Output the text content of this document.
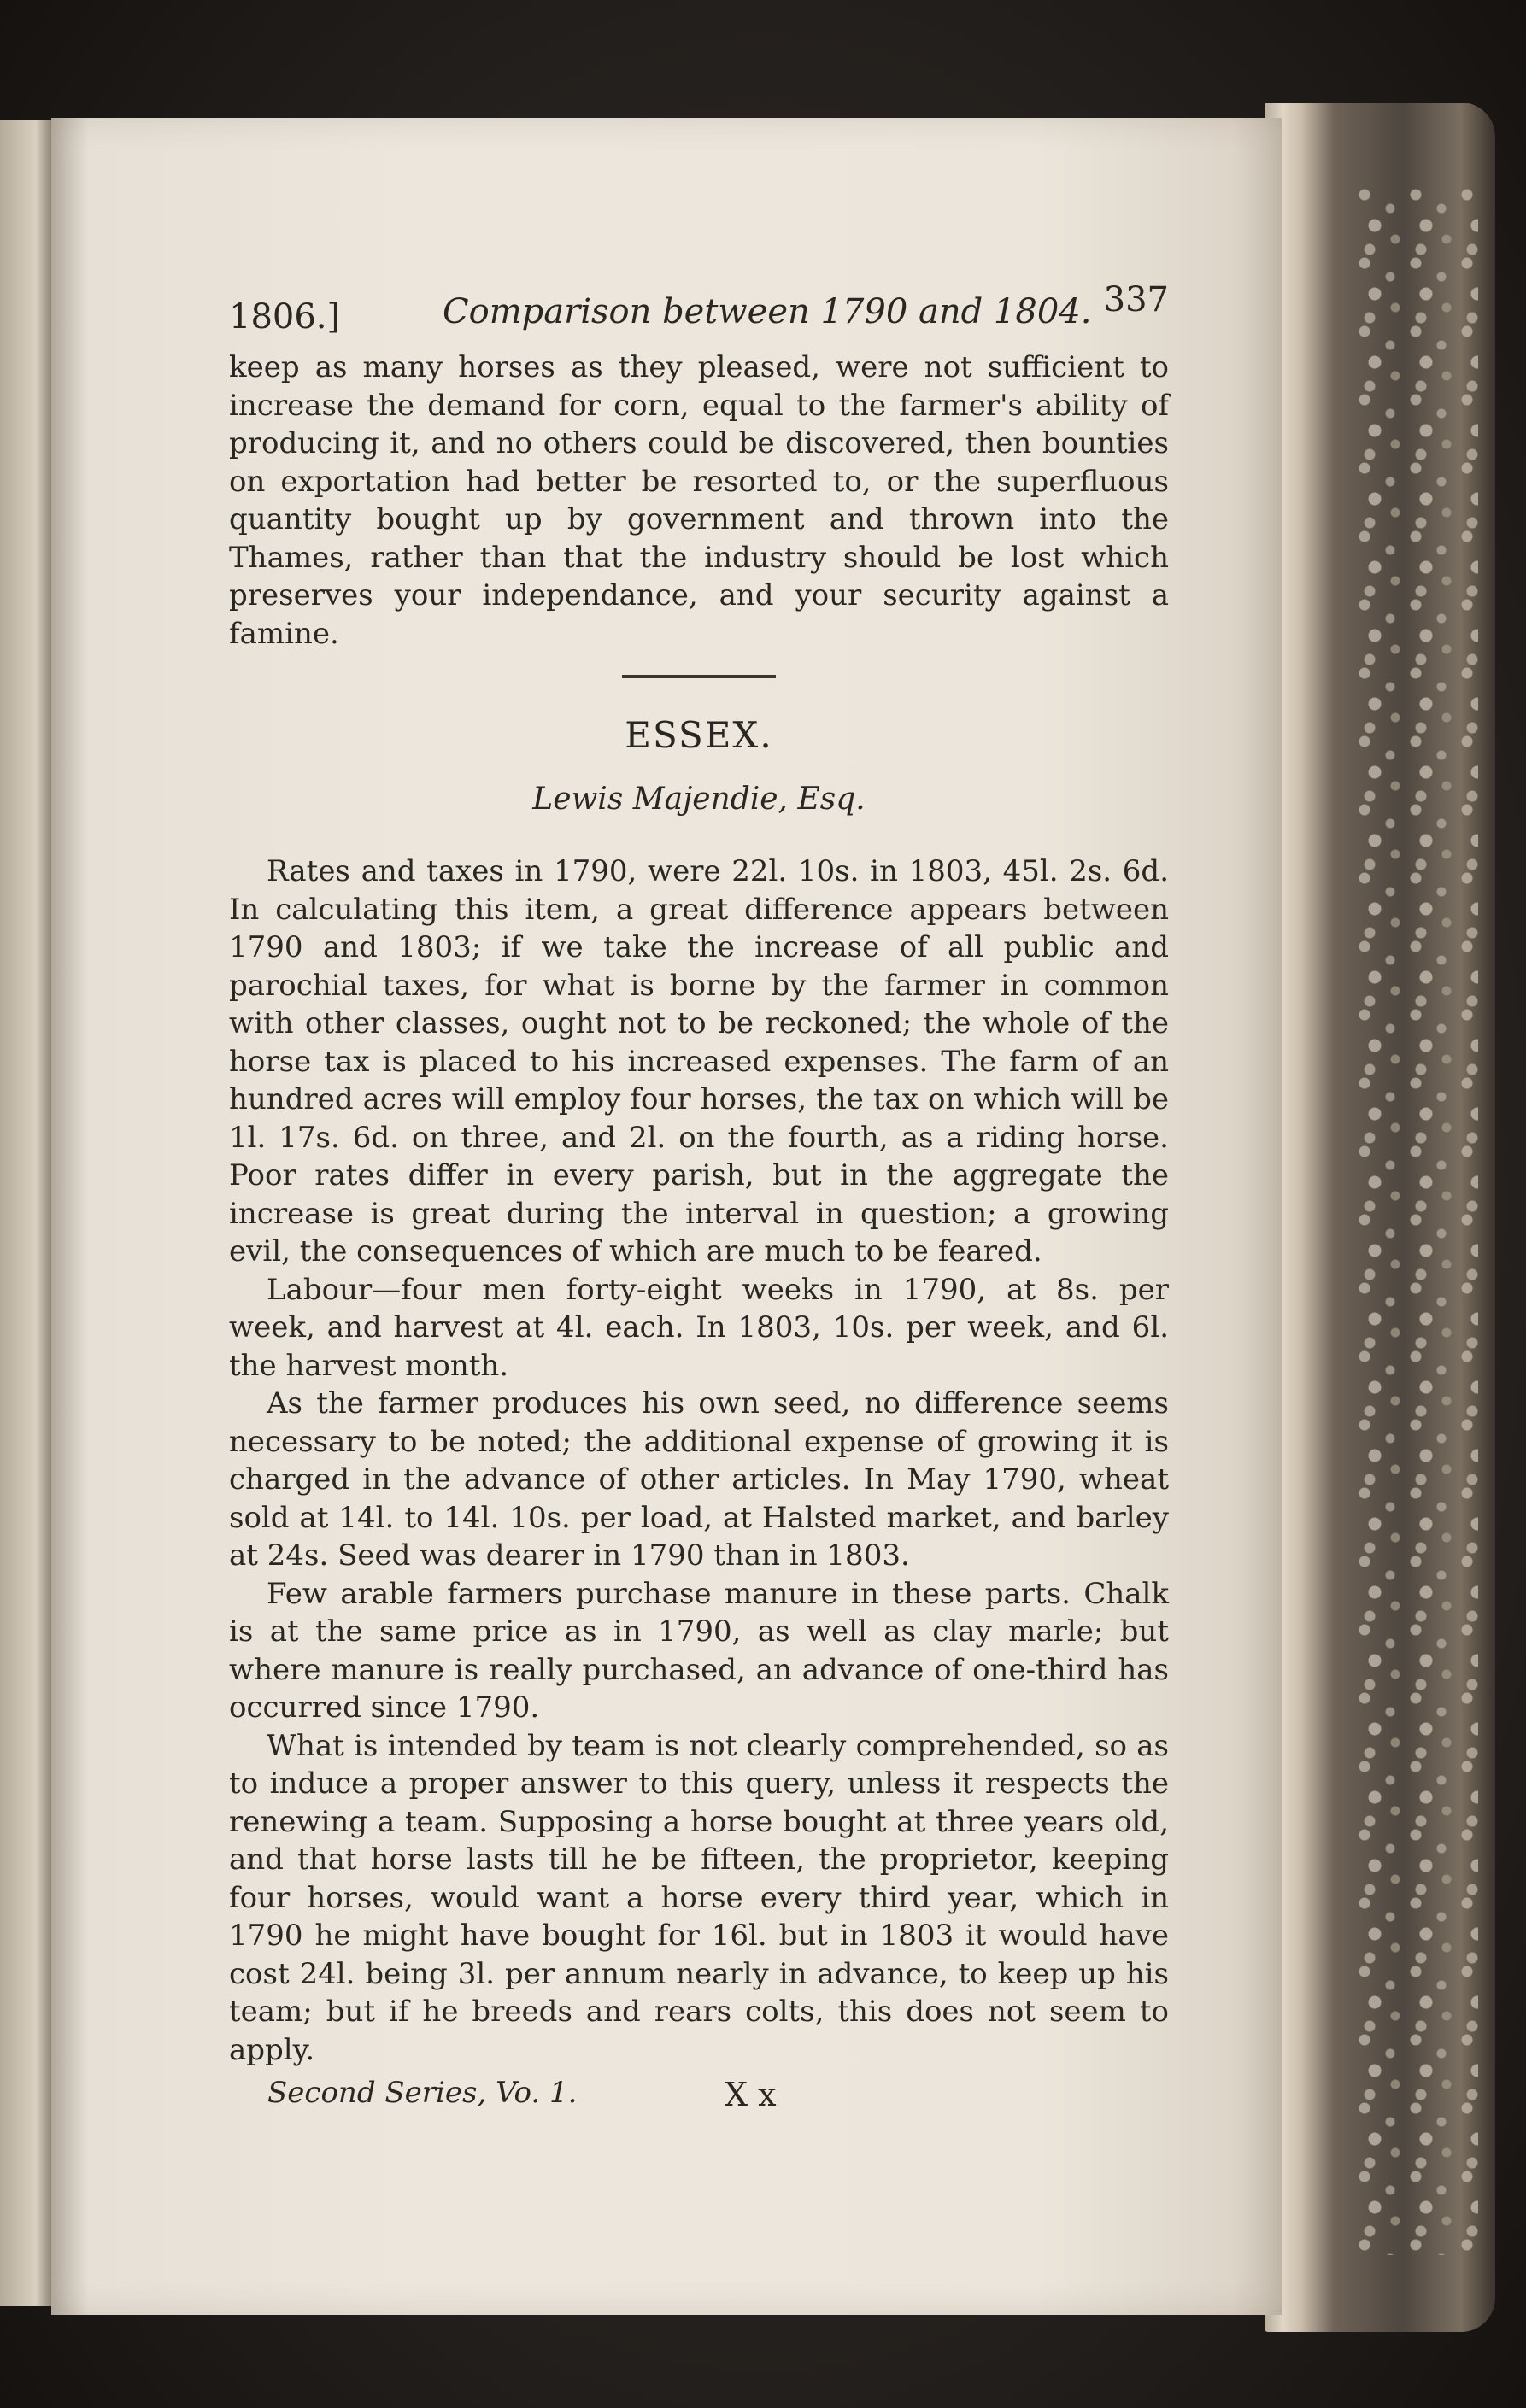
1806.]	Comparison between 1790 and 1804. 337

keep as many horses as they pleased, were not sufficient to increase the demand for corn, equal to the farmer's ability of producing it, and no others could be discovered, then bounties on exportation had better be resorted to, or the superfluous quantity bought up by government and thrown into the Thames, rather than that the industry should be lost which preserves your independance, and your security against a famine.

ESSEX.
Lewis Majendie, Esq.

Rates and taxes in 1790, were 22l. 10s. in 1803, 45l. 2s. 6d. In calculating this item, a great difference appears between 1790 and 1803; if we take the increase of all public and parochial taxes, for what is borne by the farmer in common with other classes, ought not to be reckoned; the whole of the horse tax is placed to his increased expenses. The farm of an hundred acres will employ four horses, the tax on which will be 1l. 17s. 6d. on three, and 2l. on the fourth, as a riding horse. Poor rates differ in every parish, but in the aggregate the increase is great during the interval in question; a growing evil, the consequences of which are much to be feared.

Labour—four men forty-eight weeks in 1790, at 8s. per week, and harvest at 4l. each. In 1803, 10s. per week, and 6l. the harvest month.

As the farmer produces his own seed, no difference seems necessary to be noted; the additional expense of growing it is charged in the advance of other articles. In May 1790, wheat sold at 14l. to 14l. 10s. per load, at Halsted market, and barley at 24s. Seed was dearer in 1790 than in 1803.

Few arable farmers purchase manure in these parts. Chalk is at the same price as in 1790, as well as clay marle; but where manure is really purchased, an advance of one-third has occurred since 1790.

What is intended by team is not clearly comprehended, so as to induce a proper answer to this query, unless it respects the renewing a team. Supposing a horse bought at three years old, and that horse lasts till he be fifteen, the proprietor, keeping four horses, would want a horse every third year, which in 1790 he might have bought for 16l. but in 1803 it would have cost 24l. being 3l. per annum nearly in advance, to keep up his team; but if he breeds and rears colts, this does not seem to apply.

Second Series, Vo. 1.	X x
